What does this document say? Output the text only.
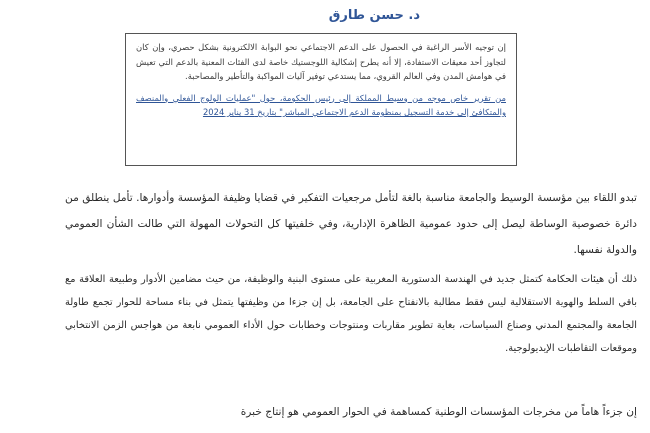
د. حسن طارق

إن توجيه الأسر الراغبة في الحصول على الدعم الاجتماعي نحو البوابة الالكترونية بشكل حصري، وإن كان لتجاوز أحد معيقات الاستفادة، إلا أنه يطرح إشكالية اللوجستيك خاصة لدى الفئات المعنية بالدعم التي تعيش في هوامش المدن وفي العالم القروي، مما يستدعي توفير آليات المواكبة والتأطير والمصاحبة.

من تقرير خاص موجه من وسيط المملكة إلى رئيس الحكومة، حول "عمليات الولوج الفعلي والمنصف والمتكافئ إلى خدمة التسجيل بمنظومة الدعم الاجتماعي المباشر" بتاريخ 31 يناير 2024

تبدو اللقاء بين مؤسسة الوسيط والجامعة مناسبة بالغة لتأمل مرجعيات التفكير في قضايا وظيفة المؤسسة وأدوارها. تأمل ينطلق من دائرة خصوصية الوساطة ليصل إلى حدود عمومية الظاهرة الإدارية، وفي خلفيتها كل التحولات المهولة التي طالت الشأن العمومي والدولة نفسها.

ذلك أن هيئات الحكامة كتمثل جديد في الهندسة الدستورية المغربية على مستوى البنية والوظيفة، من حيث مضامين الأدوار وطبيعة العلاقة مع باقي السلط والهوية الاستقلالية ليس فقط مطالبة بالانفتاح على الجامعة، بل إن جزءا من وظيفتها يتمثل في بناء مساحة للحوار تجمع طاولة الجامعة والمجتمع المدني وصناع السياسات، بغاية تطوير مقاربات ومنتوجات وخطابات حول الأداء العمومي نابعة من هواجس الزمن الانتخابي وموقعات التقاطبات الإيديولوجية.

إن جزءاً هاماً من مخرجات المؤسسات الوطنية كمساهمة في الحوار العمومي هو إنتاج خبرة
